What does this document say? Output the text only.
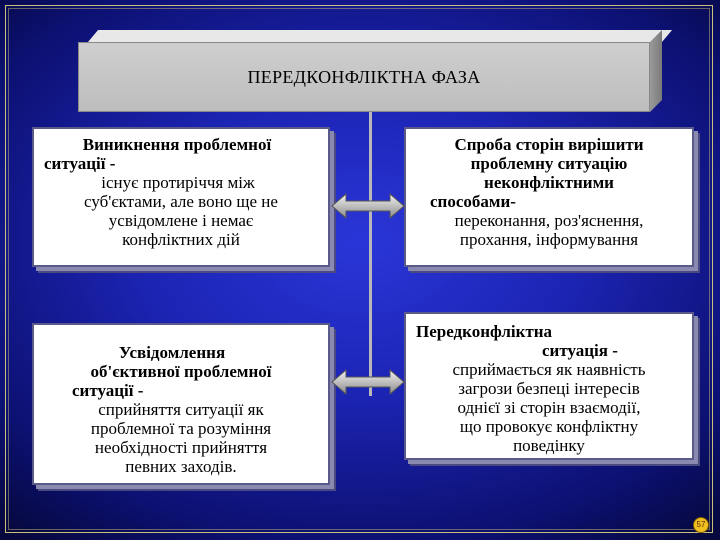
ПЕРЕДКОНФЛІКТНА ФАЗА
Виникнення проблемної
ситуації -
існує протиріччя між
суб'єктами, але воно ще не
усвідомлене і немає
конфліктних дій
Спроба сторін вирішити
проблемну ситуацію
неконфліктними
способами-
переконання, роз'яснення,
прохання, інформування
Усвідомлення
об'єктивної проблемної
ситуації -
сприйняття ситуації як
проблемної та розуміння
необхідності прийняття
певних заходів.
Передконфліктна
ситуація -
сприймається як наявність
загрози безпеці інтересів
однієї зі сторін взаємодії,
що провокує конфліктну
поведінку
57
